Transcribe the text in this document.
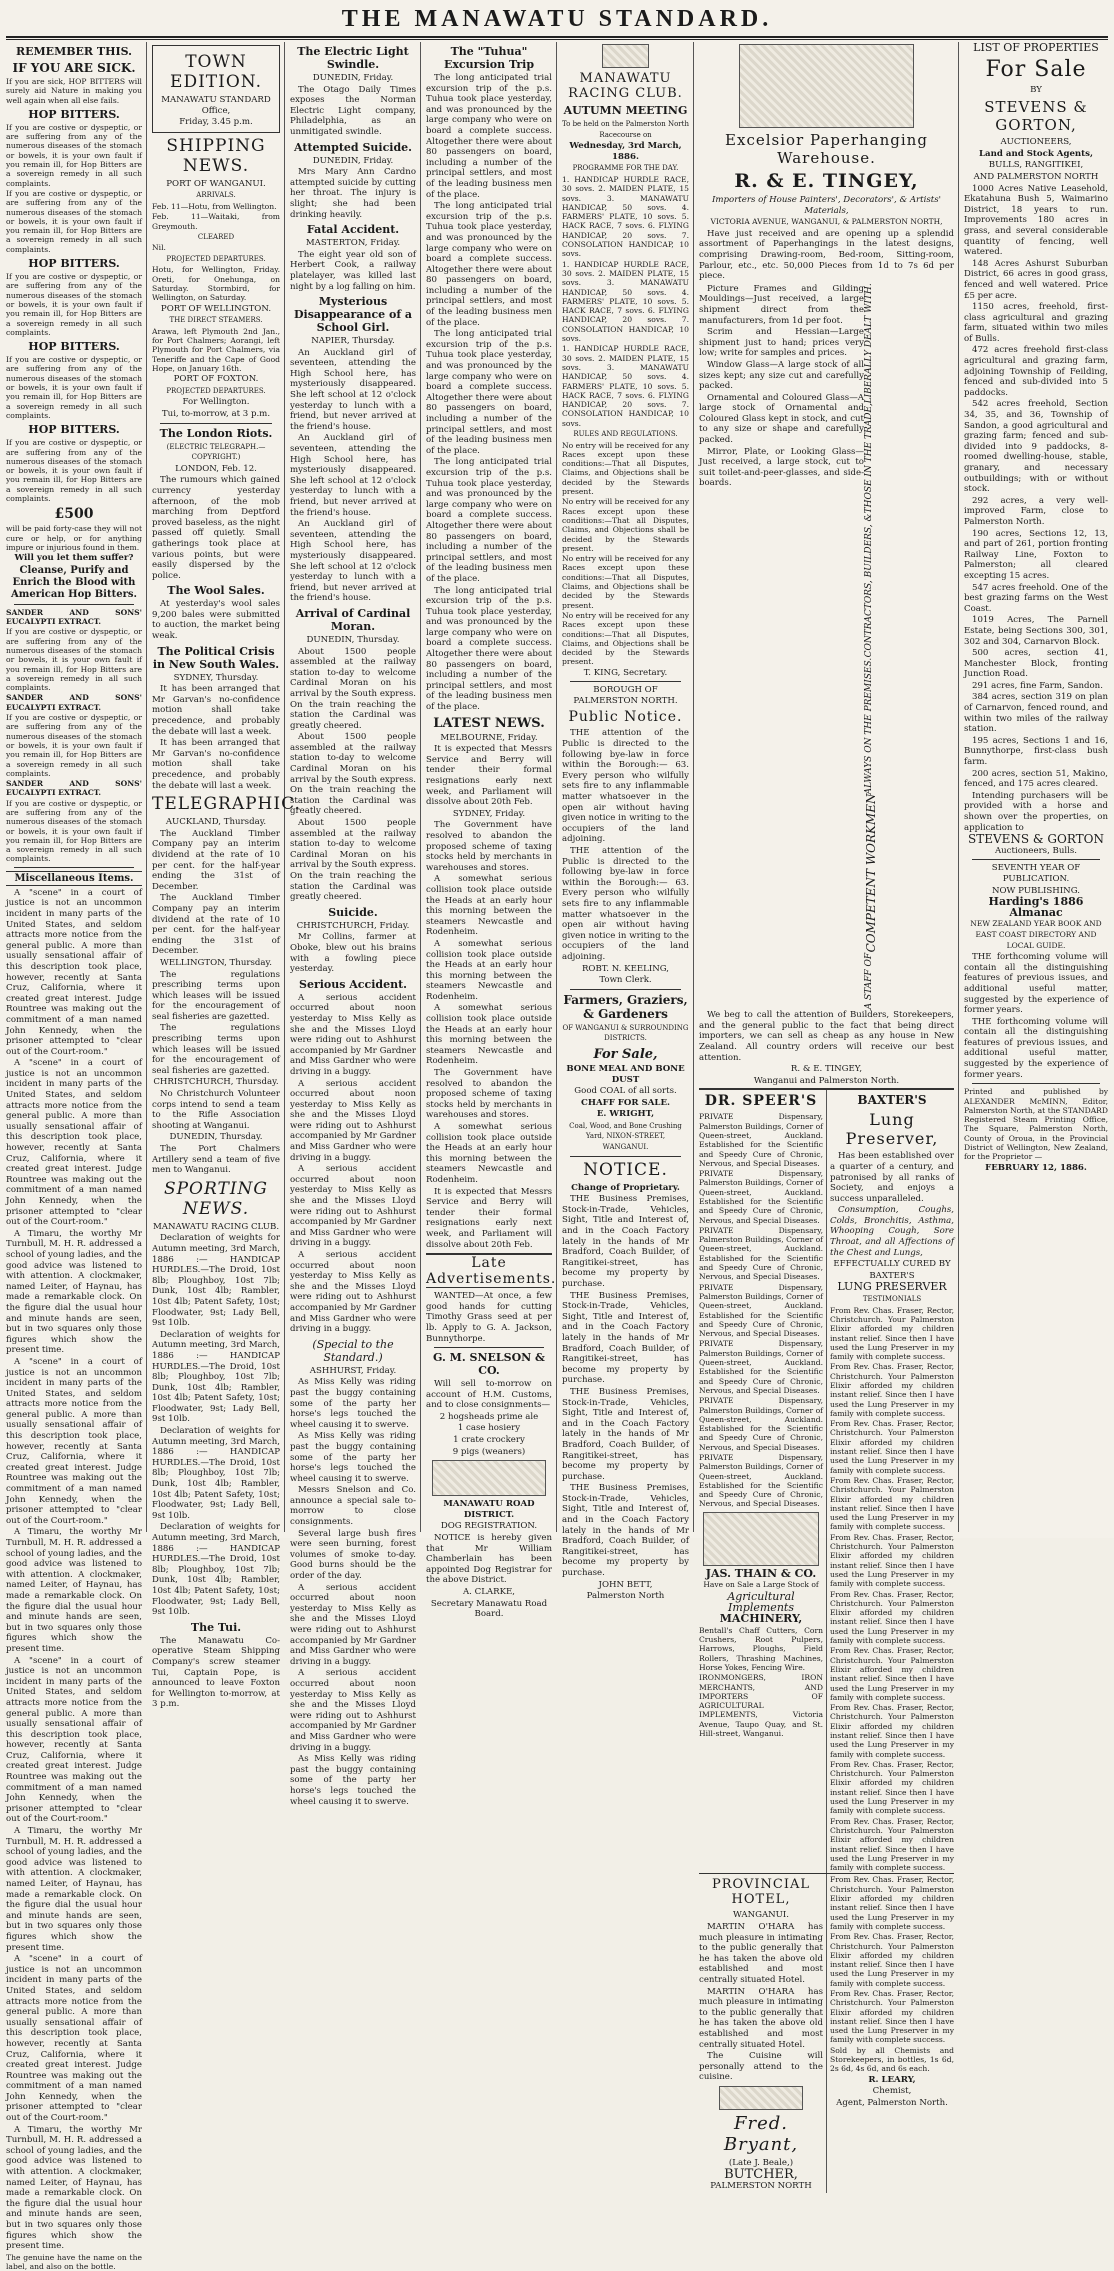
THE MANAWATU STANDARD.
REMEMBER THIS.
IF YOU ARE SICK.

If you are sick, HOP BITTERS will surely aid Nature in making you well again when all else fails.

HOP BITTERS.

If you are costive or dyspeptic, or are suffering from any of the numerous diseases of the stomach or bowels, it is your own fault if you remain ill, for Hop Bitters are a sovereign remedy in all such complaints.

If you are costive or dyspeptic, or are suffering from any of the numerous diseases of the stomach or bowels, it is your own fault if you remain ill, for Hop Bitters are a sovereign remedy in all such complaints.

HOP BITTERS.

If you are costive or dyspeptic, or are suffering from any of the numerous diseases of the stomach or bowels, it is your own fault if you remain ill, for Hop Bitters are a sovereign remedy in all such complaints.

HOP BITTERS.

If you are costive or dyspeptic, or are suffering from any of the numerous diseases of the stomach or bowels, it is your own fault if you remain ill, for Hop Bitters are a sovereign remedy in all such complaints.

HOP BITTERS.

If you are costive or dyspeptic, or are suffering from any of the numerous diseases of the stomach or bowels, it is your own fault if you remain ill, for Hop Bitters are a sovereign remedy in all such complaints.

£500

will be paid forty-case they will not cure or help, or for anything impure or injurious found in them.

Will you let them suffer?

Cleanse, Purify and Enrich the Blood with American Hop Bitters.

SANDER AND SONS' EUCALYPTI EXTRACT.

If you are costive or dyspeptic, or are suffering from any of the numerous diseases of the stomach or bowels, it is your own fault if you remain ill, for Hop Bitters are a sovereign remedy in all such complaints.

SANDER AND SONS' EUCALYPTI EXTRACT.

If you are costive or dyspeptic, or are suffering from any of the numerous diseases of the stomach or bowels, it is your own fault if you remain ill, for Hop Bitters are a sovereign remedy in all such complaints.

SANDER AND SONS' EUCALYPTI EXTRACT.

If you are costive or dyspeptic, or are suffering from any of the numerous diseases of the stomach or bowels, it is your own fault if you remain ill, for Hop Bitters are a sovereign remedy in all such complaints.

Miscellaneous Items.

A "scene" in a court of justice is not an uncommon incident in many parts of the United States, and seldom attracts more notice from the general public. A more than usually sensational affair of this description took place, however, recently at Santa Cruz, California, where it created great interest. Judge Rountree was making out the commitment of a man named John Kennedy, when the prisoner attempted to "clear out of the Court-room."

A "scene" in a court of justice is not an uncommon incident in many parts of the United States, and seldom attracts more notice from the general public. A more than usually sensational affair of this description took place, however, recently at Santa Cruz, California, where it created great interest. Judge Rountree was making out the commitment of a man named John Kennedy, when the prisoner attempted to "clear out of the Court-room."

A Timaru, the worthy Mr Turnbull, M. H. R. addressed a school of young ladies, and the good advice was listened to with attention. A clockmaker, named Leiter, of Haynau, has made a remarkable clock. On the figure dial the usual hour and minute hands are seen, but in two squares only those figures which show the present time.

A "scene" in a court of justice is not an uncommon incident in many parts of the United States, and seldom attracts more notice from the general public. A more than usually sensational affair of this description took place, however, recently at Santa Cruz, California, where it created great interest. Judge Rountree was making out the commitment of a man named John Kennedy, when the prisoner attempted to "clear out of the Court-room."

A Timaru, the worthy Mr Turnbull, M. H. R. addressed a school of young ladies, and the good advice was listened to with attention. A clockmaker, named Leiter, of Haynau, has made a remarkable clock. On the figure dial the usual hour and minute hands are seen, but in two squares only those figures which show the present time.

A "scene" in a court of justice is not an uncommon incident in many parts of the United States, and seldom attracts more notice from the general public. A more than usually sensational affair of this description took place, however, recently at Santa Cruz, California, where it created great interest. Judge Rountree was making out the commitment of a man named John Kennedy, when the prisoner attempted to "clear out of the Court-room."

A Timaru, the worthy Mr Turnbull, M. H. R. addressed a school of young ladies, and the good advice was listened to with attention. A clockmaker, named Leiter, of Haynau, has made a remarkable clock. On the figure dial the usual hour and minute hands are seen, but in two squares only those figures which show the present time.

A "scene" in a court of justice is not an uncommon incident in many parts of the United States, and seldom attracts more notice from the general public. A more than usually sensational affair of this description took place, however, recently at Santa Cruz, California, where it created great interest. Judge Rountree was making out the commitment of a man named John Kennedy, when the prisoner attempted to "clear out of the Court-room."

A Timaru, the worthy Mr Turnbull, M. H. R. addressed a school of young ladies, and the good advice was listened to with attention. A clockmaker, named Leiter, of Haynau, has made a remarkable clock. On the figure dial the usual hour and minute hands are seen, but in two squares only those figures which show the present time.

The genuine have the name on the label, and also on the bottle.

TOWN EDITION.

MANAWATU STANDARD Office,

Friday, 3.45 p.m.

SHIPPING NEWS.

PORT OF WANGANUI.

ARRIVALS.

Feb. 11—Hotu, from Wellington.

Feb. 11—Waitaki, from Greymouth.

CLEARED

Nil.

PROJECTED DEPARTURES.

Hotu, for Wellington, Friday. Oreti, for Onehunga, on Saturday. Stormbird, for Wellington, on Saturday.

PORT OF WELLINGTON.

THE DIRECT STEAMERS.

Arawa, left Plymouth 2nd Jan., for Port Chalmers; Aorangi, left Plymouth for Port Chalmers, via Teneriffe and the Cape of Good Hope, on January 16th.

PORT OF FOXTON.

PROJECTED DEPARTURES.

For Wellington.

Tui, to-morrow, at 3 p.m.

The London Riots.

(ELECTRIC TELEGRAPH.—COPYRIGHT.)

LONDON, Feb. 12.

The rumours which gained currency yesterday afternoon, of the mob marching from Deptford proved baseless, as the night passed off quietly. Small gatherings took place at various points, but were easily dispersed by the police.

The Wool Sales.

At yesterday's wool sales 9,200 bales were submitted to auction, the market being weak.

The Political Crisis in New South Wales.

SYDNEY, Thursday.

It has been arranged that Mr Garvan's no-confidence motion shall take precedence, and probably the debate will last a week.

It has been arranged that Mr Garvan's no-confidence motion shall take precedence, and probably the debate will last a week.

TELEGRAPHIC.

AUCKLAND, Thursday.

The Auckland Timber Company pay an interim dividend at the rate of 10 per cent. for the half-year ending the 31st of December.

The Auckland Timber Company pay an interim dividend at the rate of 10 per cent. for the half-year ending the 31st of December.

WELLINGTON, Thursday.

The regulations prescribing terms upon which leases will be issued for the encouragement of seal fisheries are gazetted.

The regulations prescribing terms upon which leases will be issued for the encouragement of seal fisheries are gazetted.

CHRISTCHURCH, Thursday.

No Christchurch Volunteer corps intend to send a team to the Rifle Association shooting at Wanganui.

DUNEDIN, Thursday.

The Port Chalmers Artillery send a team of five men to Wanganui.

SPORTING NEWS.

MANAWATU RACING CLUB.

Declaration of weights for Autumn meeting, 3rd March, 1886 :— HANDICAP HURDLES.—The Droid, 10st 8lb; Ploughboy, 10st 7lb; Dunk, 10st 4lb; Rambler, 10st 4lb; Patent Safety, 10st; Floodwater, 9st; Lady Bell, 9st 10lb.

Declaration of weights for Autumn meeting, 3rd March, 1886 :— HANDICAP HURDLES.—The Droid, 10st 8lb; Ploughboy, 10st 7lb; Dunk, 10st 4lb; Rambler, 10st 4lb; Patent Safety, 10st; Floodwater, 9st; Lady Bell, 9st 10lb.

Declaration of weights for Autumn meeting, 3rd March, 1886 :— HANDICAP HURDLES.—The Droid, 10st 8lb; Ploughboy, 10st 7lb; Dunk, 10st 4lb; Rambler, 10st 4lb; Patent Safety, 10st; Floodwater, 9st; Lady Bell, 9st 10lb.

Declaration of weights for Autumn meeting, 3rd March, 1886 :— HANDICAP HURDLES.—The Droid, 10st 8lb; Ploughboy, 10st 7lb; Dunk, 10st 4lb; Rambler, 10st 4lb; Patent Safety, 10st; Floodwater, 9st; Lady Bell, 9st 10lb.

The Tui.

The Manawatu Co-operative Steam Shipping Company's screw steamer Tui, Captain Pope, is announced to leave Foxton for Wellington to-morrow, at 3 p.m.

The Electric Light Swindle.

DUNEDIN, Friday.

The Otago Daily Times exposes the Norman Electric Light company, Philadelphia, as an unmitigated swindle.

Attempted Suicide.

DUNEDIN, Friday.

Mrs Mary Ann Cardno attempted suicide by cutting her throat. The injury is slight; she had been drinking heavily.

Fatal Accident.

MASTERTON, Friday.

The eight year old son of Herbert Cook, a railway platelayer, was killed last night by a log falling on him.

Mysterious Disappearance of a School Girl.

NAPIER, Thursday.

An Auckland girl of seventeen, attending the High School here, has mysteriously disappeared. She left school at 12 o'clock yesterday to lunch with a friend, but never arrived at the friend's house.

An Auckland girl of seventeen, attending the High School here, has mysteriously disappeared. She left school at 12 o'clock yesterday to lunch with a friend, but never arrived at the friend's house.

An Auckland girl of seventeen, attending the High School here, has mysteriously disappeared. She left school at 12 o'clock yesterday to lunch with a friend, but never arrived at the friend's house.

Arrival of Cardinal Moran.

DUNEDIN, Thursday.

About 1500 people assembled at the railway station to-day to welcome Cardinal Moran on his arrival by the South express. On the train reaching the station the Cardinal was greatly cheered.

About 1500 people assembled at the railway station to-day to welcome Cardinal Moran on his arrival by the South express. On the train reaching the station the Cardinal was greatly cheered.

About 1500 people assembled at the railway station to-day to welcome Cardinal Moran on his arrival by the South express. On the train reaching the station the Cardinal was greatly cheered.

Suicide.

CHRISTCHURCH, Friday.

Mr Collins, farmer at Oboke, blew out his brains with a fowling piece yesterday.

Serious Accident.

A serious accident occurred about noon yesterday to Miss Kelly as she and the Misses Lloyd were riding out to Ashhurst accompanied by Mr Gardner and Miss Gardner who were driving in a buggy.

A serious accident occurred about noon yesterday to Miss Kelly as she and the Misses Lloyd were riding out to Ashhurst accompanied by Mr Gardner and Miss Gardner who were driving in a buggy.

A serious accident occurred about noon yesterday to Miss Kelly as she and the Misses Lloyd were riding out to Ashhurst accompanied by Mr Gardner and Miss Gardner who were driving in a buggy.

A serious accident occurred about noon yesterday to Miss Kelly as she and the Misses Lloyd were riding out to Ashhurst accompanied by Mr Gardner and Miss Gardner who were driving in a buggy.

(Special to the Standard.)

ASHHURST, Friday.

As Miss Kelly was riding past the buggy containing some of the party her horse's legs touched the wheel causing it to swerve.

As Miss Kelly was riding past the buggy containing some of the party her horse's legs touched the wheel causing it to swerve.

Messrs Snelson and Co. announce a special sale to-morrow to close consignments.

Several large bush fires were seen burning, forest volumes of smoke to-day. Good burns should be the order of the day.

A serious accident occurred about noon yesterday to Miss Kelly as she and the Misses Lloyd were riding out to Ashhurst accompanied by Mr Gardner and Miss Gardner who were driving in a buggy.

A serious accident occurred about noon yesterday to Miss Kelly as she and the Misses Lloyd were riding out to Ashhurst accompanied by Mr Gardner and Miss Gardner who were driving in a buggy.

As Miss Kelly was riding past the buggy containing some of the party her horse's legs touched the wheel causing it to swerve.

The "Tuhua" Excursion Trip

The long anticipated trial excursion trip of the p.s. Tuhua took place yesterday, and was pronounced by the large company who were on board a complete success. Altogether there were about 80 passengers on board, including a number of the principal settlers, and most of the leading business men of the place.

The long anticipated trial excursion trip of the p.s. Tuhua took place yesterday, and was pronounced by the large company who were on board a complete success. Altogether there were about 80 passengers on board, including a number of the principal settlers, and most of the leading business men of the place.

The long anticipated trial excursion trip of the p.s. Tuhua took place yesterday, and was pronounced by the large company who were on board a complete success. Altogether there were about 80 passengers on board, including a number of the principal settlers, and most of the leading business men of the place.

The long anticipated trial excursion trip of the p.s. Tuhua took place yesterday, and was pronounced by the large company who were on board a complete success. Altogether there were about 80 passengers on board, including a number of the principal settlers, and most of the leading business men of the place.

The long anticipated trial excursion trip of the p.s. Tuhua took place yesterday, and was pronounced by the large company who were on board a complete success. Altogether there were about 80 passengers on board, including a number of the principal settlers, and most of the leading business men of the place.

LATEST NEWS.

MELBOURNE, Friday.

It is expected that Messrs Service and Berry will tender their formal resignations early next week, and Parliament will dissolve about 20th Feb.

SYDNEY, Friday.

The Government have resolved to abandon the proposed scheme of taxing stocks held by merchants in warehouses and stores.

A somewhat serious collision took place outside the Heads at an early hour this morning between the steamers Newcastle and Rodenheim.

A somewhat serious collision took place outside the Heads at an early hour this morning between the steamers Newcastle and Rodenheim.

A somewhat serious collision took place outside the Heads at an early hour this morning between the steamers Newcastle and Rodenheim.

The Government have resolved to abandon the proposed scheme of taxing stocks held by merchants in warehouses and stores.

A somewhat serious collision took place outside the Heads at an early hour this morning between the steamers Newcastle and Rodenheim.

It is expected that Messrs Service and Berry will tender their formal resignations early next week, and Parliament will dissolve about 20th Feb.

Late Advertisements.

WANTED—At once, a few good hands for cutting Timothy Grass seed at per lb. Apply to G. A. Jackson, Bunnythorpe.

G. M. SNELSON & CO.

Will sell to-morrow on account of H.M. Customs, and to close consignments—

2 hogsheads prime ale

1 case hosiery

1 crate crockery

9 pigs (weaners)

MANAWATU ROAD DISTRICT.

DOG REGISTRATION.

NOTICE is hereby given that Mr William Chamberlain has been appointed Dog Registrar for the above District.

A. CLARKE,

Secretary Manawatu Road Board.

MANAWATU RACING CLUB.
AUTUMN MEETING

To be held on the Palmerston North Racecourse on

Wednesday, 3rd March, 1886.

PROGRAMME FOR THE DAY.

1. HANDICAP HURDLE RACE, 30 sovs. 2. MAIDEN PLATE, 15 sovs. 3. MANAWATU HANDICAP, 50 sovs. 4. FARMERS' PLATE, 10 sovs. 5. HACK RACE, 7 sovs. 6. FLYING HANDICAP, 20 sovs. 7. CONSOLATION HANDICAP, 10 sovs.

1. HANDICAP HURDLE RACE, 30 sovs. 2. MAIDEN PLATE, 15 sovs. 3. MANAWATU HANDICAP, 50 sovs. 4. FARMERS' PLATE, 10 sovs. 5. HACK RACE, 7 sovs. 6. FLYING HANDICAP, 20 sovs. 7. CONSOLATION HANDICAP, 10 sovs.

1. HANDICAP HURDLE RACE, 30 sovs. 2. MAIDEN PLATE, 15 sovs. 3. MANAWATU HANDICAP, 50 sovs. 4. FARMERS' PLATE, 10 sovs. 5. HACK RACE, 7 sovs. 6. FLYING HANDICAP, 20 sovs. 7. CONSOLATION HANDICAP, 10 sovs.

RULES AND REGULATIONS.

No entry will be received for any Races except upon these conditions:—That all Disputes, Claims, and Objections shall be decided by the Stewards present.

No entry will be received for any Races except upon these conditions:—That all Disputes, Claims, and Objections shall be decided by the Stewards present.

No entry will be received for any Races except upon these conditions:—That all Disputes, Claims, and Objections shall be decided by the Stewards present.

No entry will be received for any Races except upon these conditions:—That all Disputes, Claims, and Objections shall be decided by the Stewards present.

T. KING, Secretary.

BOROUGH OF PALMERSTON NORTH.

Public Notice.

THE attention of the Public is directed to the following bye-law in force within the Borough:— 63. Every person who wilfully sets fire to any inflammable matter whatsoever in the open air without having given notice in writing to the occupiers of the land adjoining.

THE attention of the Public is directed to the following bye-law in force within the Borough:— 63. Every person who wilfully sets fire to any inflammable matter whatsoever in the open air without having given notice in writing to the occupiers of the land adjoining.

ROBT. N. KEELING,

Town Clerk.

Farmers, Graziers, & Gardeners

OF WANGANUI & SURROUNDING DISTRICTS.

For Sale,

BONE MEAL AND BONE DUST

Good COAL of all sorts.

CHAFF FOR SALE.

E. WRIGHT,

Coal, Wood, and Bone Crushing Yard, NIXON-STREET, WANGANUI.

NOTICE.

Change of Proprietary.

THE Business Premises, Stock-in-Trade, Vehicles, Sight, Title and Interest of, and in the Coach Factory lately in the hands of Mr Bradford, Coach Builder, of Rangitikei-street, has become my property by purchase.

THE Business Premises, Stock-in-Trade, Vehicles, Sight, Title and Interest of, and in the Coach Factory lately in the hands of Mr Bradford, Coach Builder, of Rangitikei-street, has become my property by purchase.

THE Business Premises, Stock-in-Trade, Vehicles, Sight, Title and Interest of, and in the Coach Factory lately in the hands of Mr Bradford, Coach Builder, of Rangitikei-street, has become my property by purchase.

THE Business Premises, Stock-in-Trade, Vehicles, Sight, Title and Interest of, and in the Coach Factory lately in the hands of Mr Bradford, Coach Builder, of Rangitikei-street, has become my property by purchase.

JOHN BETT,

Palmerston North

Excelsior Paperhanging Warehouse.
R. & E. TINGEY,

Importers of House Painters', Decorators', & Artists' Materials,

VICTORIA AVENUE, WANGANUI, & PALMERSTON NORTH,

Have just received and are opening up a splendid assortment of Paperhangings in the latest designs, comprising Drawing-room, Bed-room, Sitting-room, Parlour, etc., etc. 50,000 Pieces from 1d to 7s 6d per piece.

Picture Frames and Gilding Mouldings—Just received, a large shipment direct from the manufacturers, from 1d per foot.

Scrim and Hessian—Large shipment just to hand; prices very low; write for samples and prices.

Window Glass—A large stock of all sizes kept; any size cut and carefully packed.

Ornamental and Coloured Glass—A large stock of Ornamental and Coloured Glass kept in stock, and cut to any size or shape and carefully packed.

Mirror, Plate, or Looking Glass—Just received, a large stock, cut to suit toilet-and-peer-glasses, and side-boards.

A STAFF OF
COMPETENT WORKMEN
ALWAYS ON THE PREMISES.
CONTRACTORS, BUILDERS, &
THOSE IN THE TRADE,
LIBERALLY DEALT WITH.

We beg to call the attention of Builders, Storekeepers, and the general public to the fact that being direct importers, we can sell as cheap as any house in New Zealand. All country orders will receive our best attention.

R. & E. TINGEY,

Wanganui and Palmerston North.

DR. SPEER'S

PRIVATE Dispensary, Palmerston Buildings, Corner of Queen-street, Auckland. Established for the Scientific and Speedy Cure of Chronic, Nervous, and Special Diseases.

PRIVATE Dispensary, Palmerston Buildings, Corner of Queen-street, Auckland. Established for the Scientific and Speedy Cure of Chronic, Nervous, and Special Diseases.

PRIVATE Dispensary, Palmerston Buildings, Corner of Queen-street, Auckland. Established for the Scientific and Speedy Cure of Chronic, Nervous, and Special Diseases.

PRIVATE Dispensary, Palmerston Buildings, Corner of Queen-street, Auckland. Established for the Scientific and Speedy Cure of Chronic, Nervous, and Special Diseases.

PRIVATE Dispensary, Palmerston Buildings, Corner of Queen-street, Auckland. Established for the Scientific and Speedy Cure of Chronic, Nervous, and Special Diseases.

PRIVATE Dispensary, Palmerston Buildings, Corner of Queen-street, Auckland. Established for the Scientific and Speedy Cure of Chronic, Nervous, and Special Diseases.

PRIVATE Dispensary, Palmerston Buildings, Corner of Queen-street, Auckland. Established for the Scientific and Speedy Cure of Chronic, Nervous, and Special Diseases.

JAS. THAIN & CO.

Have on Sale a Large Stock of

Agricultural Implements

MACHINERY,

Bentall's Chaff Cutters, Corn Crushers, Root Pulpers, Harrows, Ploughs, Field Rollers, Thrashing Machines, Horse Yokes, Fencing Wire.

IRONMONGERS, IRON MERCHANTS, AND IMPORTERS OF AGRICULTURAL IMPLEMENTS, Victoria Avenue, Taupo Quay, and St. Hill-street, Wanganui.

BAXTER'S
Lung Preserver,

Has been established over a quarter of a century, and patronised by all ranks of Society, and enjoys a success unparalleled.

Consumption, Coughs, Colds, Bronchitis, Asthma, Whooping Cough, Sore Throat, and all Affections of the Chest and Lungs,

EFFECTUALLY CURED BY

BAXTER'S

LUNG PRESERVER

TESTIMONIALS

From Rev. Chas. Fraser, Rector, Christchurch. Your Palmerston Elixir afforded my children instant relief. Since then I have used the Lung Preserver in my family with complete success.

From Rev. Chas. Fraser, Rector, Christchurch. Your Palmerston Elixir afforded my children instant relief. Since then I have used the Lung Preserver in my family with complete success.

From Rev. Chas. Fraser, Rector, Christchurch. Your Palmerston Elixir afforded my children instant relief. Since then I have used the Lung Preserver in my family with complete success.

From Rev. Chas. Fraser, Rector, Christchurch. Your Palmerston Elixir afforded my children instant relief. Since then I have used the Lung Preserver in my family with complete success.

From Rev. Chas. Fraser, Rector, Christchurch. Your Palmerston Elixir afforded my children instant relief. Since then I have used the Lung Preserver in my family with complete success.

From Rev. Chas. Fraser, Rector, Christchurch. Your Palmerston Elixir afforded my children instant relief. Since then I have used the Lung Preserver in my family with complete success.

From Rev. Chas. Fraser, Rector, Christchurch. Your Palmerston Elixir afforded my children instant relief. Since then I have used the Lung Preserver in my family with complete success.

From Rev. Chas. Fraser, Rector, Christchurch. Your Palmerston Elixir afforded my children instant relief. Since then I have used the Lung Preserver in my family with complete success.

From Rev. Chas. Fraser, Rector, Christchurch. Your Palmerston Elixir afforded my children instant relief. Since then I have used the Lung Preserver in my family with complete success.

From Rev. Chas. Fraser, Rector, Christchurch. Your Palmerston Elixir afforded my children instant relief. Since then I have used the Lung Preserver in my family with complete success.

PROVINCIAL HOTEL,

WANGANUI.

MARTIN O'HARA has much pleasure in intimating to the public generally that he has taken the above old established and most centrally situated Hotel.

MARTIN O'HARA has much pleasure in intimating to the public generally that he has taken the above old established and most centrally situated Hotel.

The Cuisine will personally attend to the cuisine.

Fred. Bryant,

(Late J. Beale,)

BUTCHER,

PALMERSTON NORTH

From Rev. Chas. Fraser, Rector, Christchurch. Your Palmerston Elixir afforded my children instant relief. Since then I have used the Lung Preserver in my family with complete success.

From Rev. Chas. Fraser, Rector, Christchurch. Your Palmerston Elixir afforded my children instant relief. Since then I have used the Lung Preserver in my family with complete success.

From Rev. Chas. Fraser, Rector, Christchurch. Your Palmerston Elixir afforded my children instant relief. Since then I have used the Lung Preserver in my family with complete success.

Sold by all Chemists and Storekeepers, in bottles, 1s 6d, 2s 6d, 4s 6d, and 6s each.

R. LEARY,

Chemist,

Agent, Palmerston North.

LIST OF PROPERTIES

For Sale

BY

STEVENS & GORTON,

AUCTIONEERS,

Land and Stock Agents,

BULLS, RANGITIKEI,

AND PALMERSTON NORTH

1000 Acres Native Leasehold, Ekatahuna Bush 5, Waimarino District, 18 years to run. Improvements 180 acres in grass, and several considerable quantity of fencing, well watered.

148 Acres Ashurst Suburban District, 66 acres in good grass, fenced and well watered. Price £5 per acre.

1150 acres, freehold, first-class agricultural and grazing farm, situated within two miles of Bulls.

472 acres freehold first-class agricultural and grazing farm, adjoining Township of Feilding, fenced and sub-divided into 5 paddocks.

542 acres freehold, Section 34, 35, and 36, Township of Sandon, a good agricultural and grazing farm; fenced and sub-divided into 9 paddocks, 8-roomed dwelling-house, stable, granary, and necessary outbuildings; with or without stock.

292 acres, a very well-improved Farm, close to Palmerston North.

190 acres, Sections 12, 13, and part of 261, portion fronting Railway Line, Foxton to Palmerston; all cleared excepting 15 acres.

547 acres freehold. One of the best grazing farms on the West Coast.

1019 Acres, The Parnell Estate, being Sections 300, 301, 302 and 304, Carnarvon Block.

500 acres, section 41, Manchester Block, fronting Junction Road.

291 acres, fine Farm, Sandon.

384 acres, section 319 on plan of Carnarvon, fenced round, and within two miles of the railway station.

195 acres, Sections 1 and 16, Bunnythorpe, first-class bush farm.

200 acres, section 51, Makino, fenced, and 175 acres cleared.

Intending purchasers will be provided with a horse and shown over the properties, on application to

STEVENS & GORTON

Auctioneers, Bulls.

SEVENTH YEAR OF PUBLICATION.

NOW PUBLISHING.

Harding's 1886 Almanac

NEW ZEALAND YEAR BOOK AND EAST COAST DIRECTORY AND LOCAL GUIDE.

THE forthcoming volume will contain all the distinguishing features of previous issues, and additional useful matter, suggested by the experience of former years.

THE forthcoming volume will contain all the distinguishing features of previous issues, and additional useful matter, suggested by the experience of former years.

Printed and published by ALEXANDER McMINN, Editor, Palmerston North, at the STANDARD Registered Steam Printing Office, The Square, Palmerston North, County of Oroua, in the Provincial District of Wellington, New Zealand, for the Proprietor —

FEBRUARY 12, 1886.
